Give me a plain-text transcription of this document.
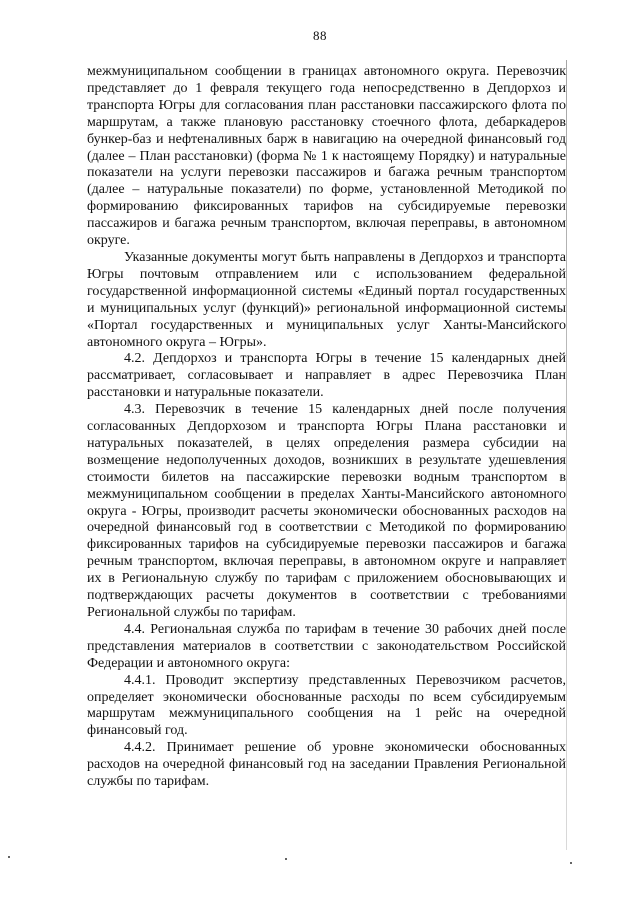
88

межмуниципальном сообщении в границах автономного округа. Перевозчик представляет до 1 февраля текущего года непосредственно в Депдорхоз и транспорта Югры для согласования план расстановки пассажирского флота по маршрутам, а также плановую расстановку стоечного флота, дебаркадеров бункер-баз и нефтеналивных барж в навигацию на очередной финансовый год (далее – План расстановки) (форма № 1 к настоящему Порядку) и натуральные показатели на услуги перевозки пассажиров и багажа речным транспортом (далее – натуральные показатели) по форме, установленной Методикой по формированию фиксированных тарифов на субсидируемые перевозки пассажиров и багажа речным транспортом, включая переправы, в автономном округе.

Указанные документы могут быть направлены в Депдорхоз и транспорта Югры почтовым отправлением или с использованием федеральной государственной информационной системы «Единый портал государственных и муниципальных услуг (функций)» региональной информационной системы «Портал государственных и муниципальных услуг Ханты-Мансийского автономного округа – Югры».

4.2. Депдорхоз и транспорта Югры в течение 15 календарных дней рассматривает, согласовывает и направляет в адрес Перевозчика План расстановки и натуральные показатели.

4.3. Перевозчик в течение 15 календарных дней после получения согласованных Депдорхозом и транспорта Югры Плана расстановки и натуральных показателей, в целях определения размера субсидии на возмещение недополученных доходов, возникших в результате удешевления стоимости билетов на пассажирские перевозки водным транспортом в межмуниципальном сообщении в пределах Ханты-Мансийского автономного округа - Югры, производит расчеты экономически обоснованных расходов на очередной финансовый год в соответствии с Методикой по формированию фиксированных тарифов на субсидируемые перевозки пассажиров и багажа речным транспортом, включая переправы, в автономном округе и направляет их в Региональную службу по тарифам с приложением обосновывающих и подтверждающих расчеты документов в соответствии с требованиями Региональной службы по тарифам.

4.4. Региональная служба по тарифам в течение 30 рабочих дней после представления материалов в соответствии с законодательством Российской Федерации и автономного округа:

4.4.1. Проводит экспертизу представленных Перевозчиком расчетов, определяет экономически обоснованные расходы по всем субсидируемым маршрутам межмуниципального сообщения на 1 рейс на очередной финансовый год.

4.4.2. Принимает решение об уровне экономически обоснованных расходов на очередной финансовый год на заседании Правления Региональной службы по тарифам.
